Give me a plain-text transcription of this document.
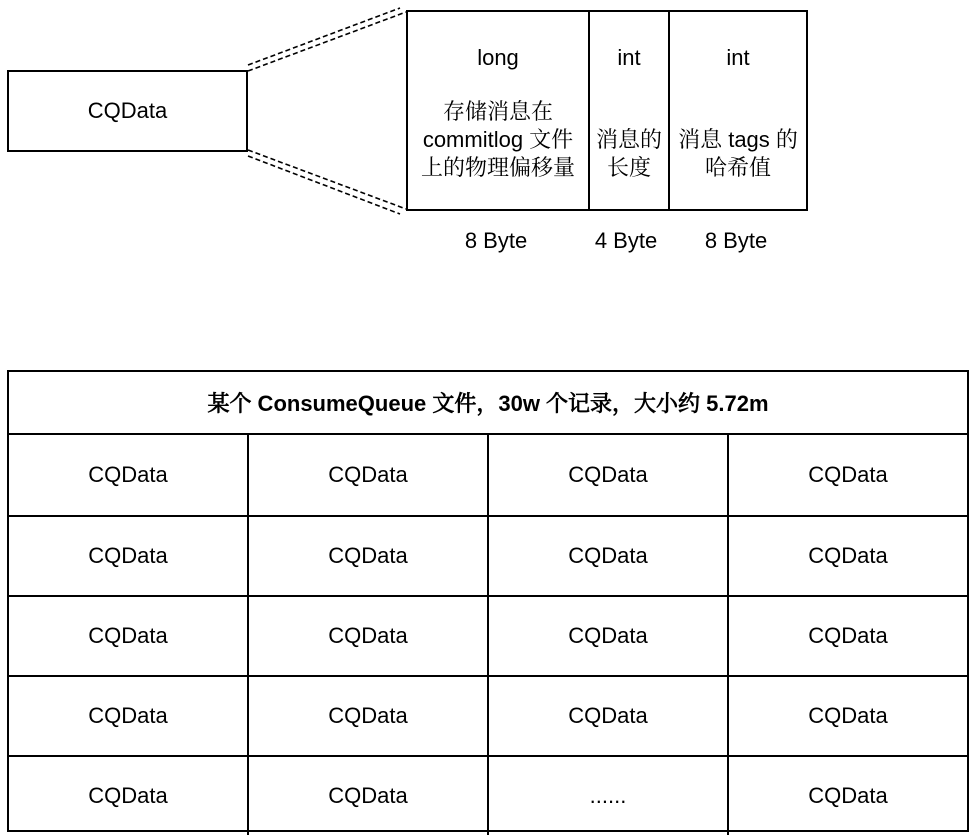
CQData
long
存储消息在
commitlog 文件
上的物理偏移量
int
消息的
长度
int
消息 tags 的
哈希值
8 Byte	4 Byte	8 Byte
某个 ConsumeQueue 文件，30w 个记录，大小约 5.72m
CQData	CQData	CQData	CQData
CQData	CQData	CQData	CQData
CQData	CQData	CQData	CQData
CQData	CQData	CQData	CQData
CQData	CQData	......	CQData
